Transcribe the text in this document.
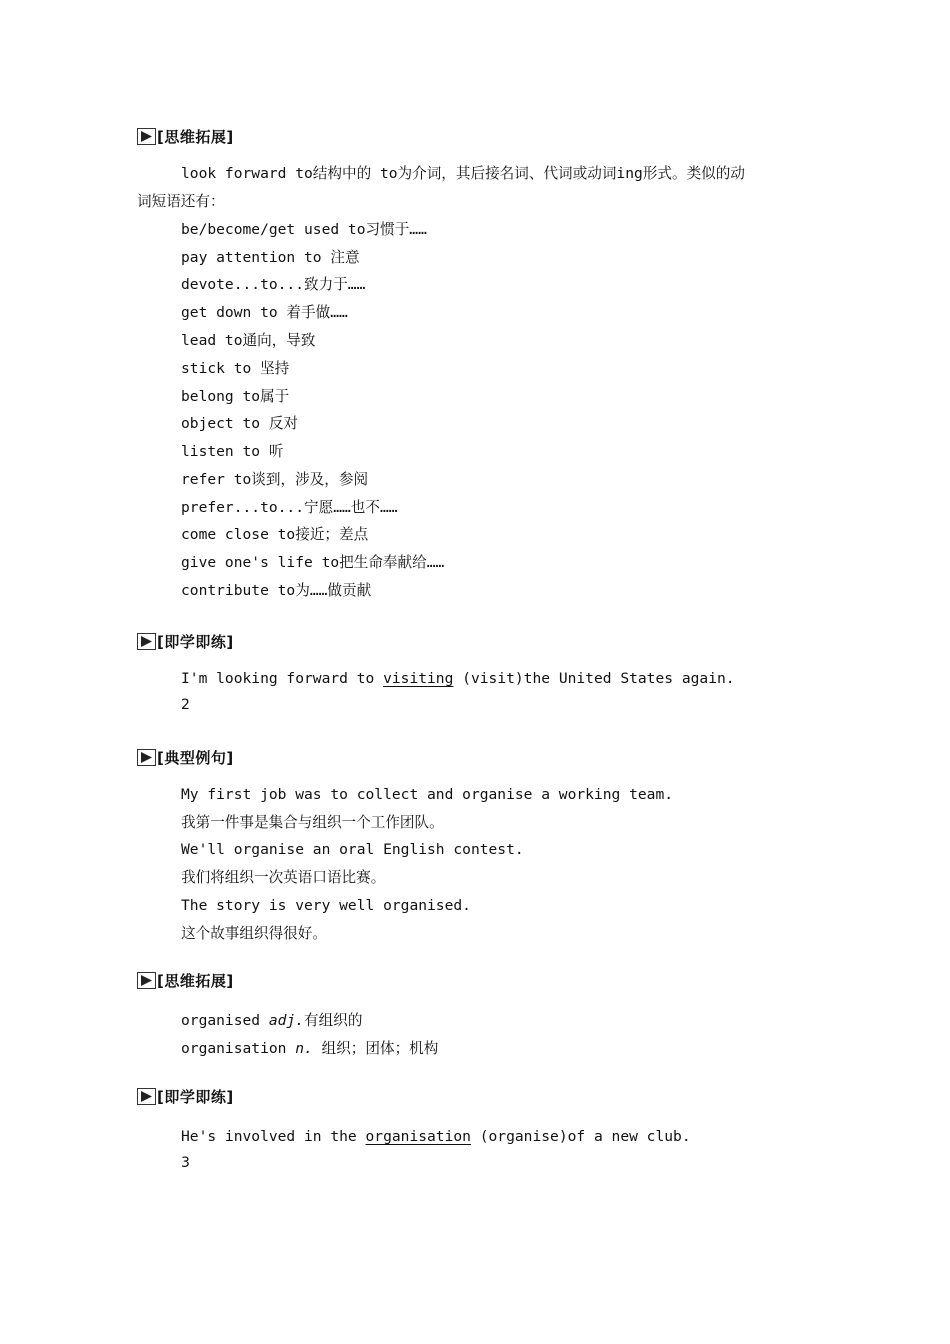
[思维拓展]
look forward to结构中的 to为介词，其后接名词、代词或动词ing形式。类似的动
词短语还有：
be/become/get used to习惯于……
pay attention to 注意
devote...to...致力于……
get down to 着手做……
lead to通向，导致
stick to 坚持
belong to属于
object to 反对
listen to 听
refer to谈到，涉及，参阅
prefer...to...宁愿……也不……
come close to接近；差点
give one's life to把生命奉献给……
contribute to为……做贡献
[即学即练]
I'm looking forward to visiting (visit)the United States again.
2
[典型例句]
My first job was to collect and organise a working team.
我第一件事是集合与组织一个工作团队。
We'll organise an oral English contest.
我们将组织一次英语口语比赛。
The story is very well organised.
这个故事组织得很好。
[思维拓展]
organised adj.有组织的
organisation n. 组织；团体；机构
[即学即练]
He's involved in the organisation (organise)of a new club.
3
